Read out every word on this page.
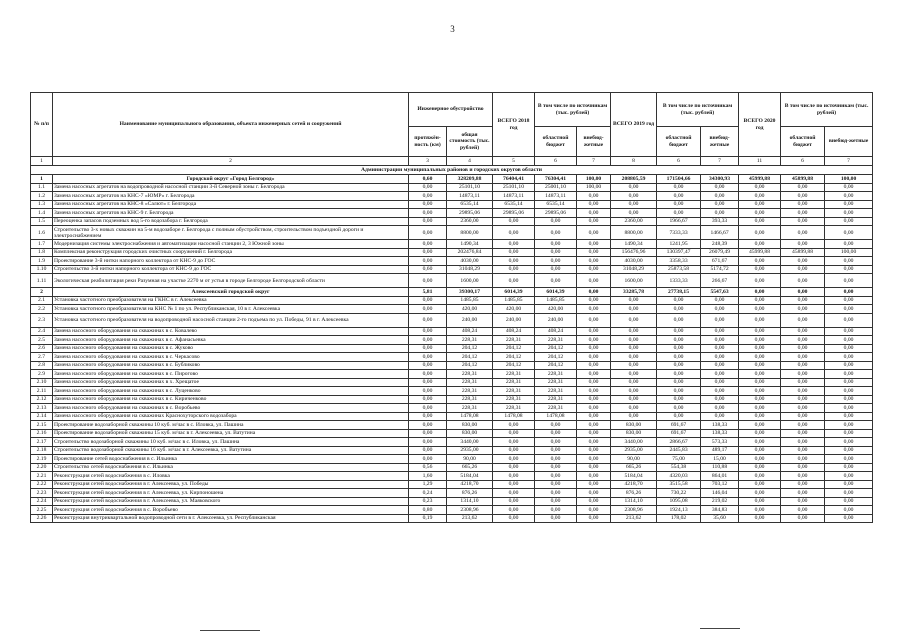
3
№ п/п	Наименование муниципального образования, объекта инженерных сетей и сооружений	Инженерное обустройство		ВСЕГО 2018 год	В том числе по источникам (тыс. рублей)		ВСЕГО 2019 год	В том числе по источникам (тыс. рублей)		ВСЕГО 2020 год	В том числе по источникам (тыс. рублей)	
		протяжён-ность (км)	общая стоимость (тыс. рублей)		областной бюджет	внебюд-жетные		областной бюджет	внебюд-жетные		областной бюджет	внебюд-жетные
1	2	3	4	5	6	7	8	6	7	11	6	7
Администрации муниципальных районов и городских округов области												
1	Городской округ «Город Белгород»	0,60	328209,88	76404,41	76304,41	100,00	208805,59	171504,66	34300,93	45999,88	45899,88	100,00
1.1	Замена насосных агрегатов на водопроводной насосной станции 3-й Северной зоны г. Белгорода	0,00	25101,10	25101,10	25001,10	100,00	0,00	0,00	0,00	0,00	0,00	0,00
1.2	Замена насосных агрегатов на КНС-7 «ЮМР» г. Белгорода	0,00	14873,11	14873,11	14873,11	0,00	0,00	0,00	0,00	0,00	0,00	0,00
1.3	Замена насосных агрегатов на КНС-8 «Салют» г. Белгорода	0,00	6535,14	6535,14	6535,14	0,00	0,00	0,00	0,00	0,00	0,00	0,00
1.4	Замена насосных агрегатов на КНС-9 г. Белгорода	0,00	29895,06	29895,06	29895,06	0,00	0,00	0,00	0,00	0,00	0,00	0,00
1.5	Переоценка запасов подземных вод 5-го водозабора г. Белгорода	0,00	2360,00	0,00	0,00	0,00	2360,00	1966,67	393,33	0,00	0,00	0,00
1.6	Строительство 3-х новых скважин на 5-м водозаборе г. Белгорода с полным обустройством, строительством подъездной дороги и электроснабжением	0,00	8800,00	0,00	0,00	0,00	8800,00	7333,33	1466,67	0,00	0,00	0,00
1.7	Модернизация системы электроснабжения и автоматизации насосной станции 2, 3 Южной зоны	0,00	1490,34	0,00	0,00	0,00	1490,34	1241,95	248,39	0,00	0,00	0,00
1.8	Комплексная реконструкция городских очистных сооружений г. Белгорода	0,00	202476,84	0,00	0,00	0,00	156476,96	130397,47	26079,49	45999,88	45899,88	100,00
1.9	Проектирование 3-й нитки напорного коллектора от КНС-9 до ГОС	0,00	4030,00	0,00	0,00	0,00	4030,00	3358,33	671,67	0,00	0,00	0,00
1.10	Строительство 3-й нитки напорного коллектора от КНС-9 до ГОС	0,60	31048,29	0,00	0,00	0,00	31048,29	25873,58	5174,72	0,00	0,00	0,00
1.11	Экологическая реабилитация реки Разумная на участке 2270 м от устья в городе Белгороде Белгородской области	0,00	1600,00	0,00	0,00	0,00	1600,00	1333,33	266,67	0,00	0,00	0,00
2	Алексеевский городской округ	5,81	39300,17	6014,39	6014,39	0,00	33285,78	27738,15	5547,63	0,00	0,00	0,00
2.1	Установка частотного преобразователя на ГКНС в г. Алексеевка	0,00	1485,85	1485,85	1485,85	0,00	0,00	0,00	0,00	0,00	0,00	0,00
2.2	Установка частотного преобразователя на КНС № 1 по ул. Республиканская, 10 в г. Алексеевка	0,00	420,00	420,00	420,00	0,00	0,00	0,00	0,00	0,00	0,00	0,00
2.3	Установка частотного преобразователя на водопроводной насосной станции 2-го подъема по ул. Победы, 91 в г. Алексеевка	0,00	240,00	240,00	240,00	0,00	0,00	0,00	0,00	0,00	0,00	0,00
2.4	Замена насосного оборудования на скважинах в с. Ковалево	0,00	408,24	408,24	408,24	0,00	0,00	0,00	0,00	0,00	0,00	0,00
2.5	Замена насосного оборудования на скважинах в с. Афанасьевка	0,00	228,31	228,31	228,31	0,00	0,00	0,00	0,00	0,00	0,00	0,00
2.6	Замена насосного оборудования на скважинах в с. Жуково	0,00	204,12	204,12	204,12	0,00	0,00	0,00	0,00	0,00	0,00	0,00
2.7	Замена насосного оборудования на скважинах в с. Черкасово	0,00	204,12	204,12	204,12	0,00	0,00	0,00	0,00	0,00	0,00	0,00
2.8	Замена насосного оборудования на скважинах в с. Бубликово	0,00	204,12	204,12	204,12	0,00	0,00	0,00	0,00	0,00	0,00	0,00
2.9	Замена насосного оборудования на скважинах в с. Пирогово	0,00	228,31	228,31	228,31	0,00	0,00	0,00	0,00	0,00	0,00	0,00
2.10	Замена насосного оборудования на скважинах в х. Хрещатое	0,00	228,31	228,31	228,31	0,00	0,00	0,00	0,00	0,00	0,00	0,00
2.11	Замена насосного оборудования на скважинах в с. Луценково	0,00	228,31	228,31	228,31	0,00	0,00	0,00	0,00	0,00	0,00	0,00
2.12	Замена насосного оборудования на скважинах в с. Кириченково	0,00	228,31	228,31	228,31	0,00	0,00	0,00	0,00	0,00	0,00	0,00
2.13	Замена насосного оборудования на скважинах в с. Воробьево	0,00	228,31	228,31	228,31	0,00	0,00	0,00	0,00	0,00	0,00	0,00
2.14	Замена насосного оборудования на скважинах Краснохуторского водозабора	0,00	1478,08	1478,08	1478,08	0,00	0,00	0,00	0,00	0,00	0,00	0,00
2.15	Проектирование водозаборной скважины 10 куб. м/час в с. Иловка, ул. Пашина	0,00	830,00	0,00	0,00	0,00	830,00	691,67	138,33	0,00	0,00	0,00
2.16	Проектирование водозаборной скважины 15 куб. м/час в г. Алексеевка, ул. Ватутина	0,00	830,00	0,00	0,00	0,00	830,00	691,67	138,33	0,00	0,00	0,00
2.17	Строительство водозаборной скважины 10 куб. м/час в с. Иловка, ул. Пашина	0,00	3440,00	0,00	0,00	0,00	3440,00	2866,67	573,33	0,00	0,00	0,00
2.18	Строительство водозаборной скважины 16 куб. м/час в г. Алексеевка, ул. Ватутина	0,00	2935,00	0,00	0,00	0,00	2935,00	2445,83	489,17	0,00	0,00	0,00
2.19	Проектирование сетей водоснабжения в с. Ильинка	0,00	90,00	0,00	0,00	0,00	90,00	75,00	15,00	0,00	0,00	0,00
2.20	Строительство сетей водоснабжения в с. Ильинка	0,56	665,26	0,00	0,00	0,00	665,26	554,38	110,88	0,00	0,00	0,00
2.21	Реконструкция сетей водоснабжения в с. Иловка	1,60	5184,04	0,00	0,00	0,00	5184,04	4320,03	864,01	0,00	0,00	0,00
2.22	Реконструкция сетей водоснабжения в г. Алексеевка, ул. Победы	1,29	4218,70	0,00	0,00	0,00	4218,70	3515,58	703,12	0,00	0,00	0,00
2.23	Реконструкция сетей водоснабжения в г. Алексеевка, ул. Кирпоношена	0,24	876,26	0,00	0,00	0,00	876,26	730,22	146,04	0,00	0,00	0,00
2.24	Реконструкция сетей водоснабжения в г. Алексеевка, ул. Маяковского	0,23	1314,10	0,00	0,00	0,00	1314,10	1095,08	219,02	0,00	0,00	0,00
2.25	Реконструкция сетей водоснабжения в с. Воробьево	0,80	2308,96	0,00	0,00	0,00	2308,96	1924,13	384,83	0,00	0,00	0,00
2.26	Реконструкция внутриквартальной водопроводной сети в г. Алексеевка, ул. Республиканская	0,19	213,62	0,00	0,00	0,00	213,62	178,02	35,60	0,00	0,00	0,00
